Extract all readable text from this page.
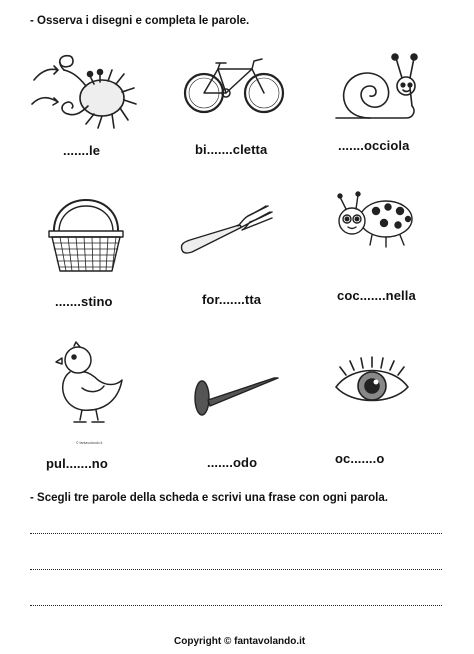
- Osserva i disegni e completa le parole.
.......le	bi.......cletta	.......occiola
.......stino	for.......tta	coc.......nella
© fantavolando.it
pul.......no	.......odo	oc.......o
- Scegli tre parole della scheda e scrivi una frase con ogni parola.
Copyright © fantavolando.it
